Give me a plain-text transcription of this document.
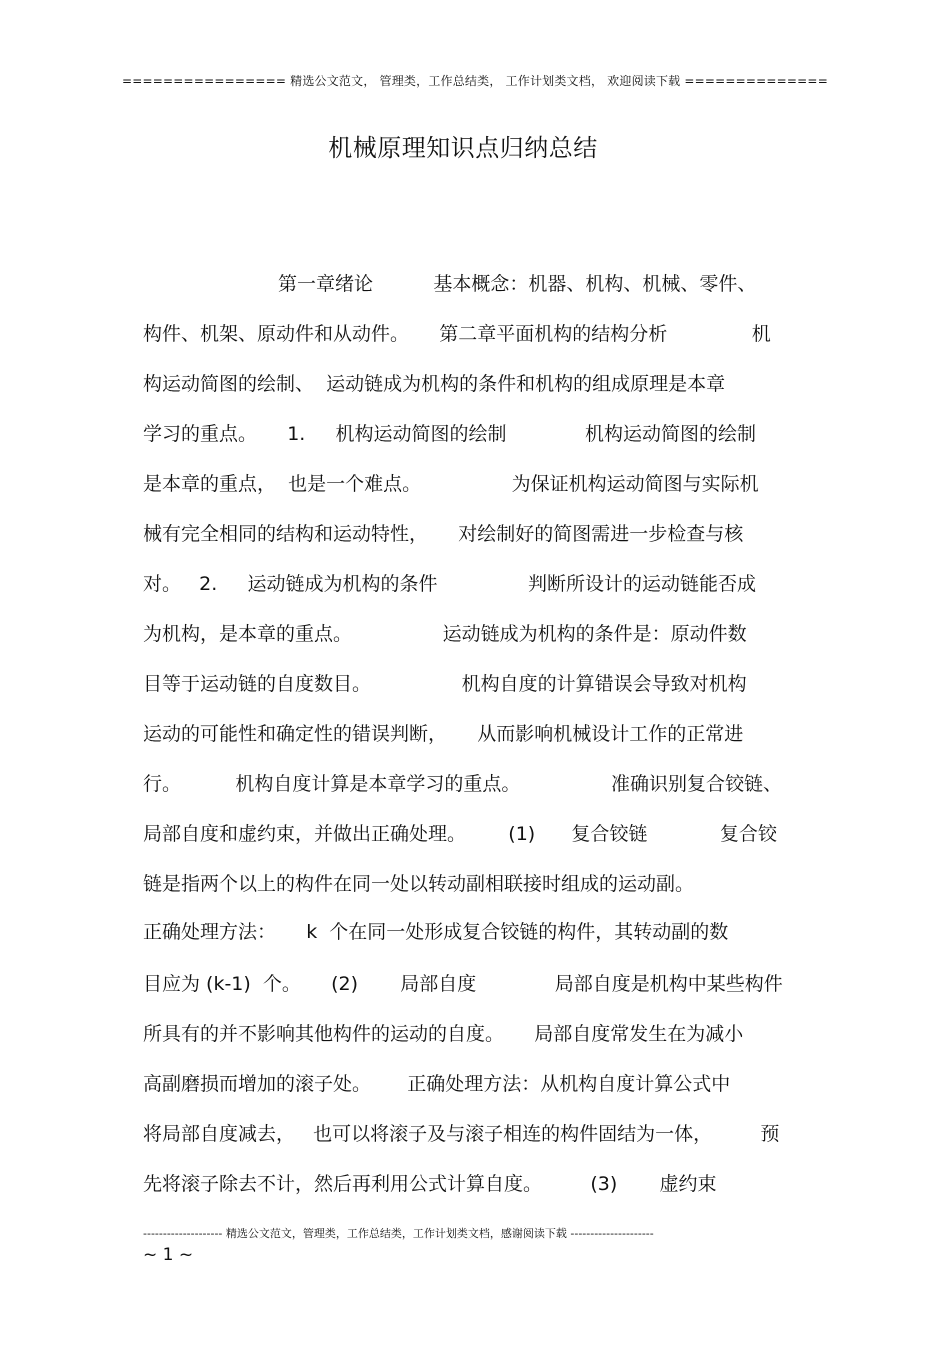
================ 精选公文范文， 管理类，工作总结类， 工作计划类文档， 欢迎阅读下载 ==============
机械原理知识点归纳总结
第一章绪论          基本概念：机器、机构、机械、零件、
构件、机架、原动件和从动件。     第二章平面机构的结构分析              机
构运动简图的绘制、  运动链成为机构的条件和机构的组成原理是本章
学习的重点。     1.     机构运动简图的绘制             机构运动简图的绘制
是本章的重点，  也是一个难点。               为保证机构运动简图与实际机
械有完全相同的结构和运动特性，     对绘制好的简图需进一步检查与核
对。   2.     运动链成为机构的条件               判断所设计的运动链能否成
为机构，是本章的重点。               运动链成为机构的条件是：原动件数
目等于运动链的自度数目。               机构自度的计算错误会导致对机构
运动的可能性和确定性的错误判断，     从而影响机械设计工作的正常进
行。         机构自度计算是本章学习的重点。               准确识别复合铰链、
局部自度和虚约束，并做出正确处理。       (1)      复合铰链            复合铰
链是指两个以上的构件在同一处以转动副相联接时组成的运动副。
正确处理方法：     k  个在同一处形成复合铰链的构件，其转动副的数
目应为 (k-1)  个。     (2)       局部自度             局部自度是机构中某些构件
所具有的并不影响其他构件的运动的自度。     局部自度常发生在为减小
高副磨损而增加的滚子处。      正确处理方法：从机构自度计算公式中
将局部自度减去，   也可以将滚子及与滚子相连的构件固结为一体，        预
先将滚子除去不计，然后再利用公式计算自度。        (3)       虚约束
-------------------- 精选公文范文，管理类，工作总结类，工作计划类文档，感谢阅读下载 ---------------------
~ 1 ~
